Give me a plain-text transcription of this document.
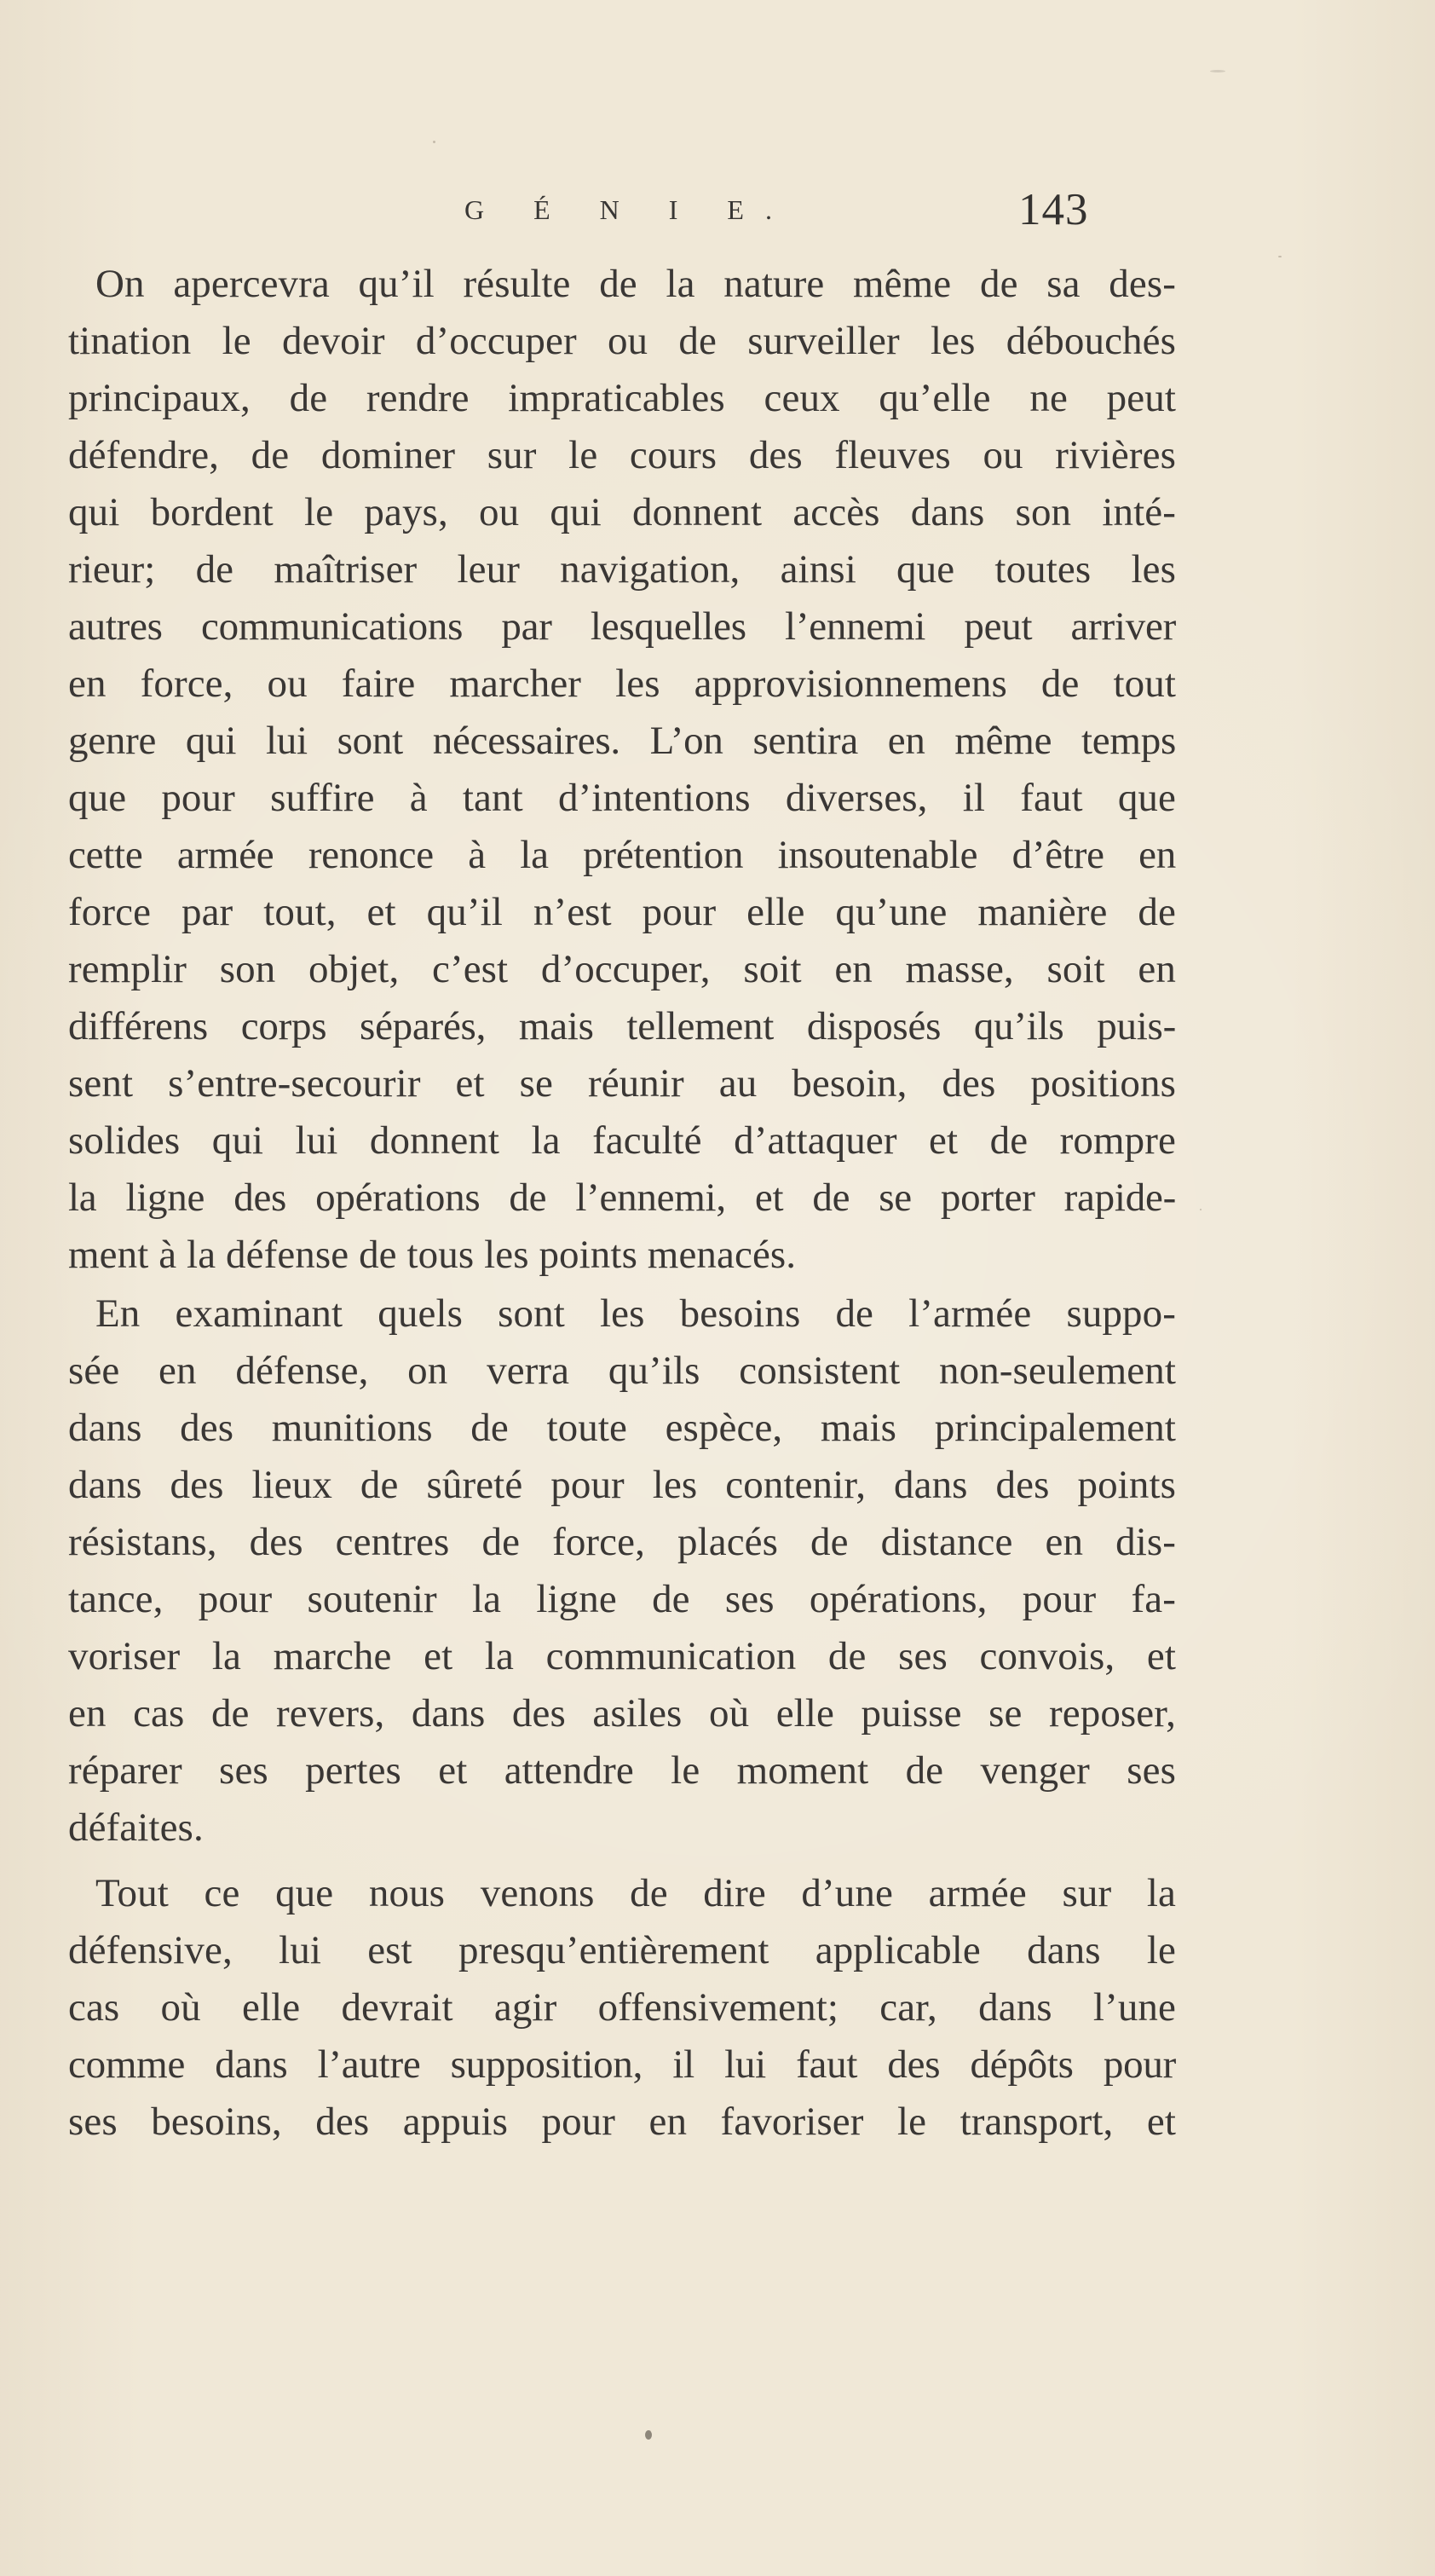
G É N I E.	143
On apercevra qu’il résulte de la nature même de sa des-
tination le devoir d’occuper ou de surveiller les débouchés
principaux, de rendre impraticables ceux qu’elle ne peut
défendre, de dominer sur le cours des fleuves ou rivières
qui bordent le pays, ou qui donnent accès dans son inté-
rieur; de maîtriser leur navigation, ainsi que toutes les
autres communications par lesquelles l’ennemi peut arriver
en force, ou faire marcher les approvisionnemens de tout
genre qui lui sont nécessaires. L’on sentira en même temps
que pour suffire à tant d’intentions diverses, il faut que
cette armée renonce à la prétention insoutenable d’être en
force par tout, et qu’il n’est pour elle qu’une manière de
remplir son objet, c’est d’occuper, soit en masse, soit en
différens corps séparés, mais tellement disposés qu’ils puis-
sent s’entre-secourir et se réunir au besoin, des positions
solides qui lui donnent la faculté d’attaquer et de rompre
la ligne des opérations de l’ennemi, et de se porter rapide-
ment à la défense de tous les points menacés.
En examinant quels sont les besoins de l’armée suppo-
sée en défense, on verra qu’ils consistent non-seulement
dans des munitions de toute espèce, mais principalement
dans des lieux de sûreté pour les contenir, dans des points
résistans, des centres de force, placés de distance en dis-
tance, pour soutenir la ligne de ses opérations, pour fa-
voriser la marche et la communication de ses convois, et
en cas de revers, dans des asiles où elle puisse se reposer,
réparer ses pertes et attendre le moment de venger ses
défaites.
Tout ce que nous venons de dire d’une armée sur la
défensive, lui est presqu’entièrement applicable dans le
cas où elle devrait agir offensivement; car, dans l’une
comme dans l’autre supposition, il lui faut des dépôts pour
ses besoins, des appuis pour en favoriser le transport, et
